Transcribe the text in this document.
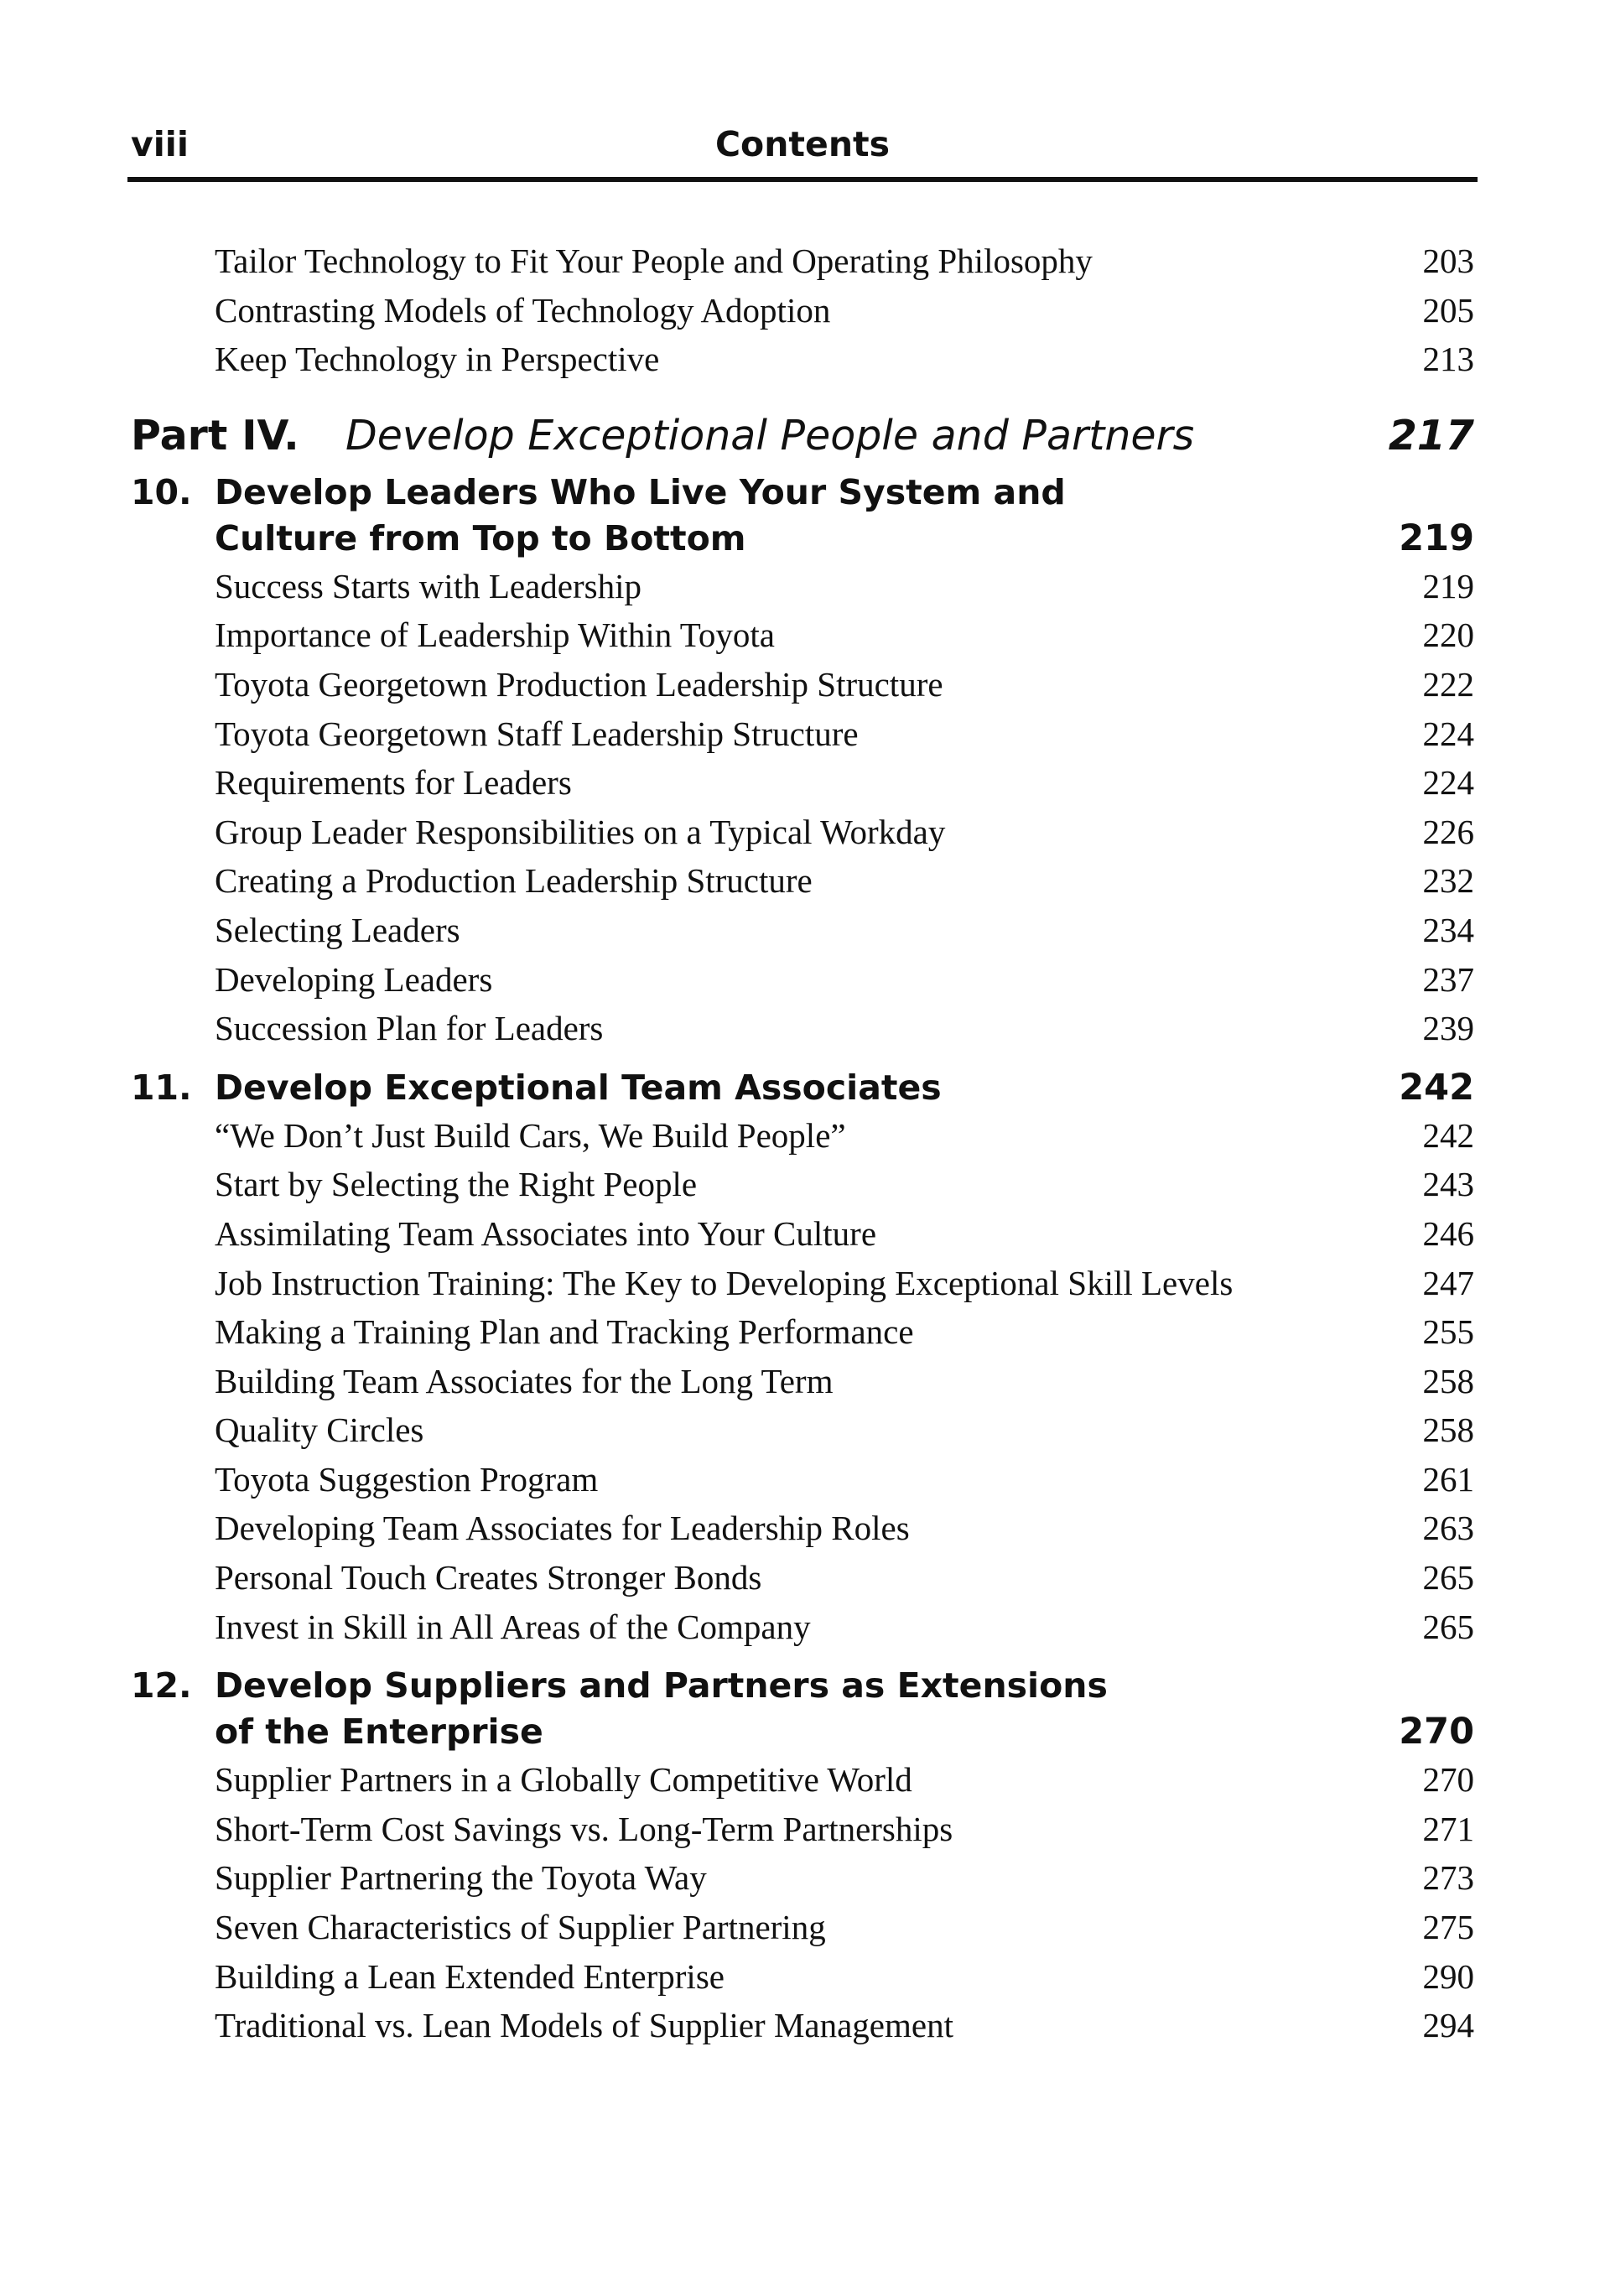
viii	Contents
Tailor Technology to Fit Your People and Operating Philosophy	203
Contrasting Models of Technology Adoption	205
Keep Technology in Perspective	213
Part IV. Develop Exceptional People and Partners	217
10. Develop Leaders Who Live Your System and
Culture from Top to Bottom	219
Success Starts with Leadership	219
Importance of Leadership Within Toyota	220
Toyota Georgetown Production Leadership Structure	222
Toyota Georgetown Staff Leadership Structure	224
Requirements for Leaders	224
Group Leader Responsibilities on a Typical Workday	226
Creating a Production Leadership Structure	232
Selecting Leaders	234
Developing Leaders	237
Succession Plan for Leaders	239
11. Develop Exceptional Team Associates	242
“We Don’t Just Build Cars, We Build People”	242
Start by Selecting the Right People	243
Assimilating Team Associates into Your Culture	246
Job Instruction Training: The Key to Developing Exceptional Skill Levels	247
Making a Training Plan and Tracking Performance	255
Building Team Associates for the Long Term	258
Quality Circles	258
Toyota Suggestion Program	261
Developing Team Associates for Leadership Roles	263
Personal Touch Creates Stronger Bonds	265
Invest in Skill in All Areas of the Company	265
12. Develop Suppliers and Partners as Extensions
of the Enterprise	270
Supplier Partners in a Globally Competitive World	270
Short-Term Cost Savings vs. Long-Term Partnerships	271
Supplier Partnering the Toyota Way	273
Seven Characteristics of Supplier Partnering	275
Building a Lean Extended Enterprise	290
Traditional vs. Lean Models of Supplier Management	294
